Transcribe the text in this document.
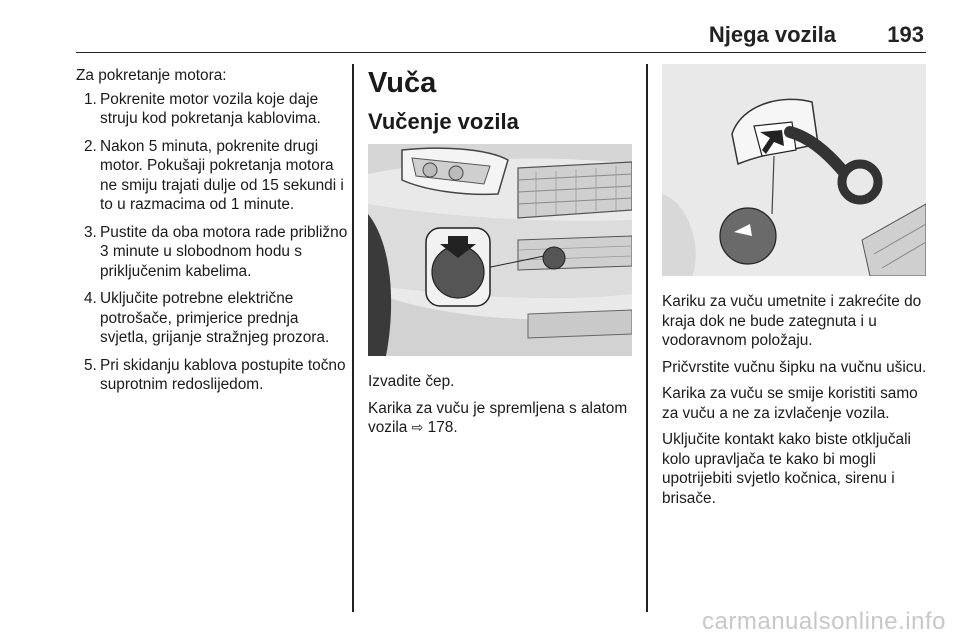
Njega vozila 193
Za pokretanje motora:
1. Pokrenite motor vozila koje daje struju kod pokretanja kablovima.
2. Nakon 5 minuta, pokrenite drugi motor. Pokušaji pokretanja motora ne smiju trajati dulje od 15 sekundi i to u razmacima od 1 minute.
3. Pustite da oba motora rade približno 3 minute u slobodnom hodu s priključenim kabelima.
4. Uključite potrebne električne potrošače, primjerice prednja svjetla, grijanje stražnjeg prozora.
5. Pri skidanju kablova postupite točno suprotnim redoslijedom.
Vuča
Vučenje vozila

Izvadite čep.

Karika za vuču je spremljena s alatom vozila ⇨ 178.

Kariku za vuču umetnite i zakrećite do kraja dok ne bude zategnuta i u vodoravnom položaju.

Pričvrstite vučnu šipku na vučnu ušicu.

Karika za vuču se smije koristiti samo za vuču a ne za izvlačenje vozila.

Uključite kontakt kako biste otključali kolo upravljača te kako bi mogli upotrijebiti svjetlo kočnica, sirenu i brisače.

carmanualsonline.info
